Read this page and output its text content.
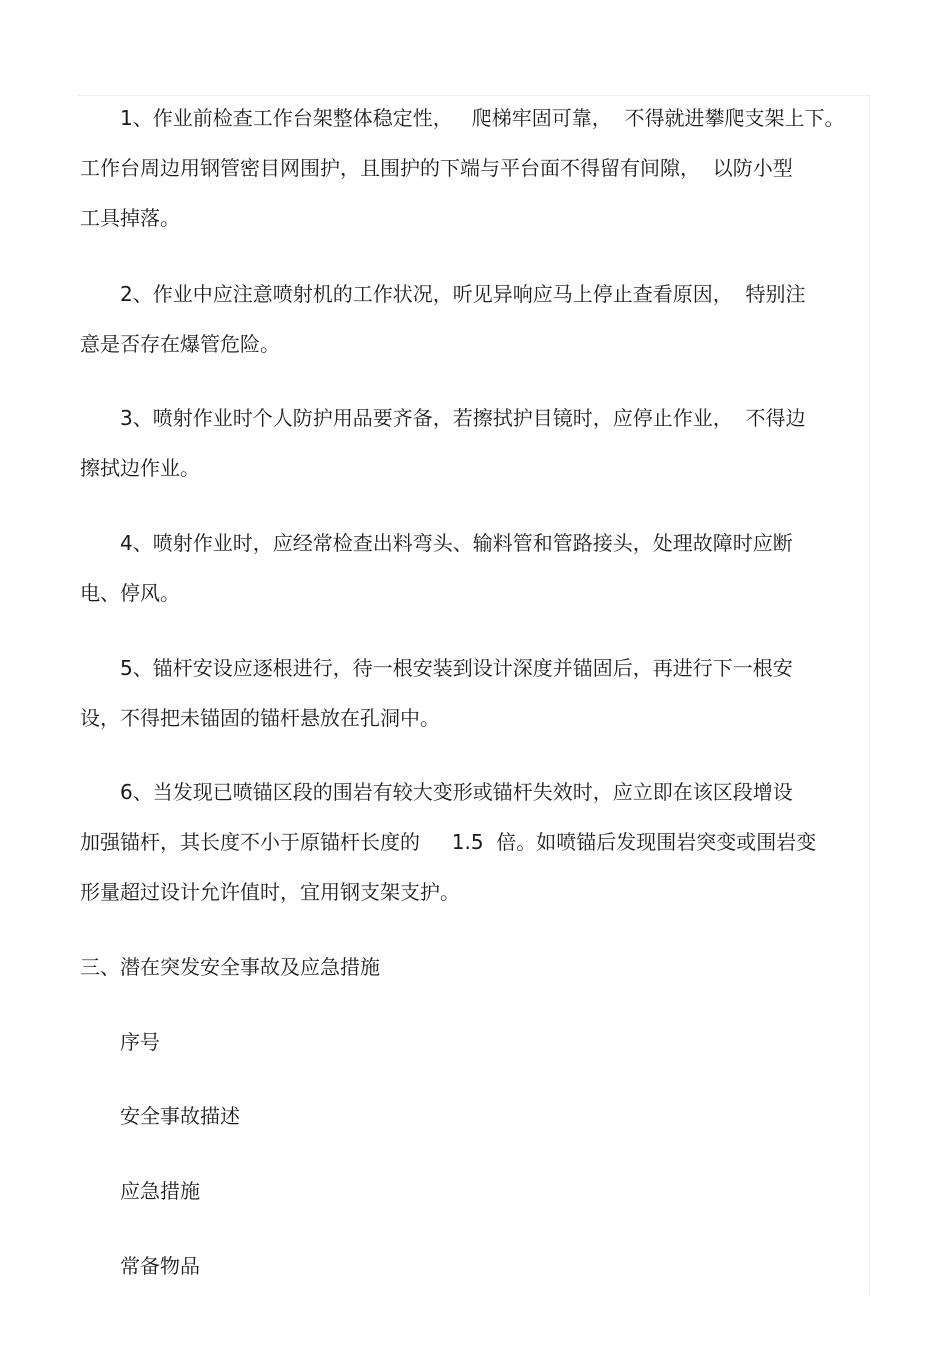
1、作业前检查工作台架整体稳定性，   爬梯牢固可靠，  不得就进攀爬支架上下。

工作台周边用钢管密目网围护，且围护的下端与平台面不得留有间隙，  以防小型

工具掉落。

2、作业中应注意喷射机的工作状况，听见异响应马上停止查看原因，  特别注

意是否存在爆管危险。

3、喷射作业时个人防护用品要齐备，若擦拭护目镜时，应停止作业，  不得边

擦拭边作业。

4、喷射作业时，应经常检查出料弯头、输料管和管路接头，处理故障时应断

电、停风。

5、锚杆安设应逐根进行，待一根安装到设计深度并锚固后，再进行下一根安

设，不得把未锚固的锚杆悬放在孔洞中。

6、当发现已喷锚区段的围岩有较大变形或锚杆失效时，应立即在该区段增设

加强锚杆，其长度不小于原锚杆长度的     1.5  倍。如喷锚后发现围岩突变或围岩变

形量超过设计允许值时，宜用钢支架支护。

三、潜在突发安全事故及应急措施

序号

安全事故描述

应急措施

常备物品
